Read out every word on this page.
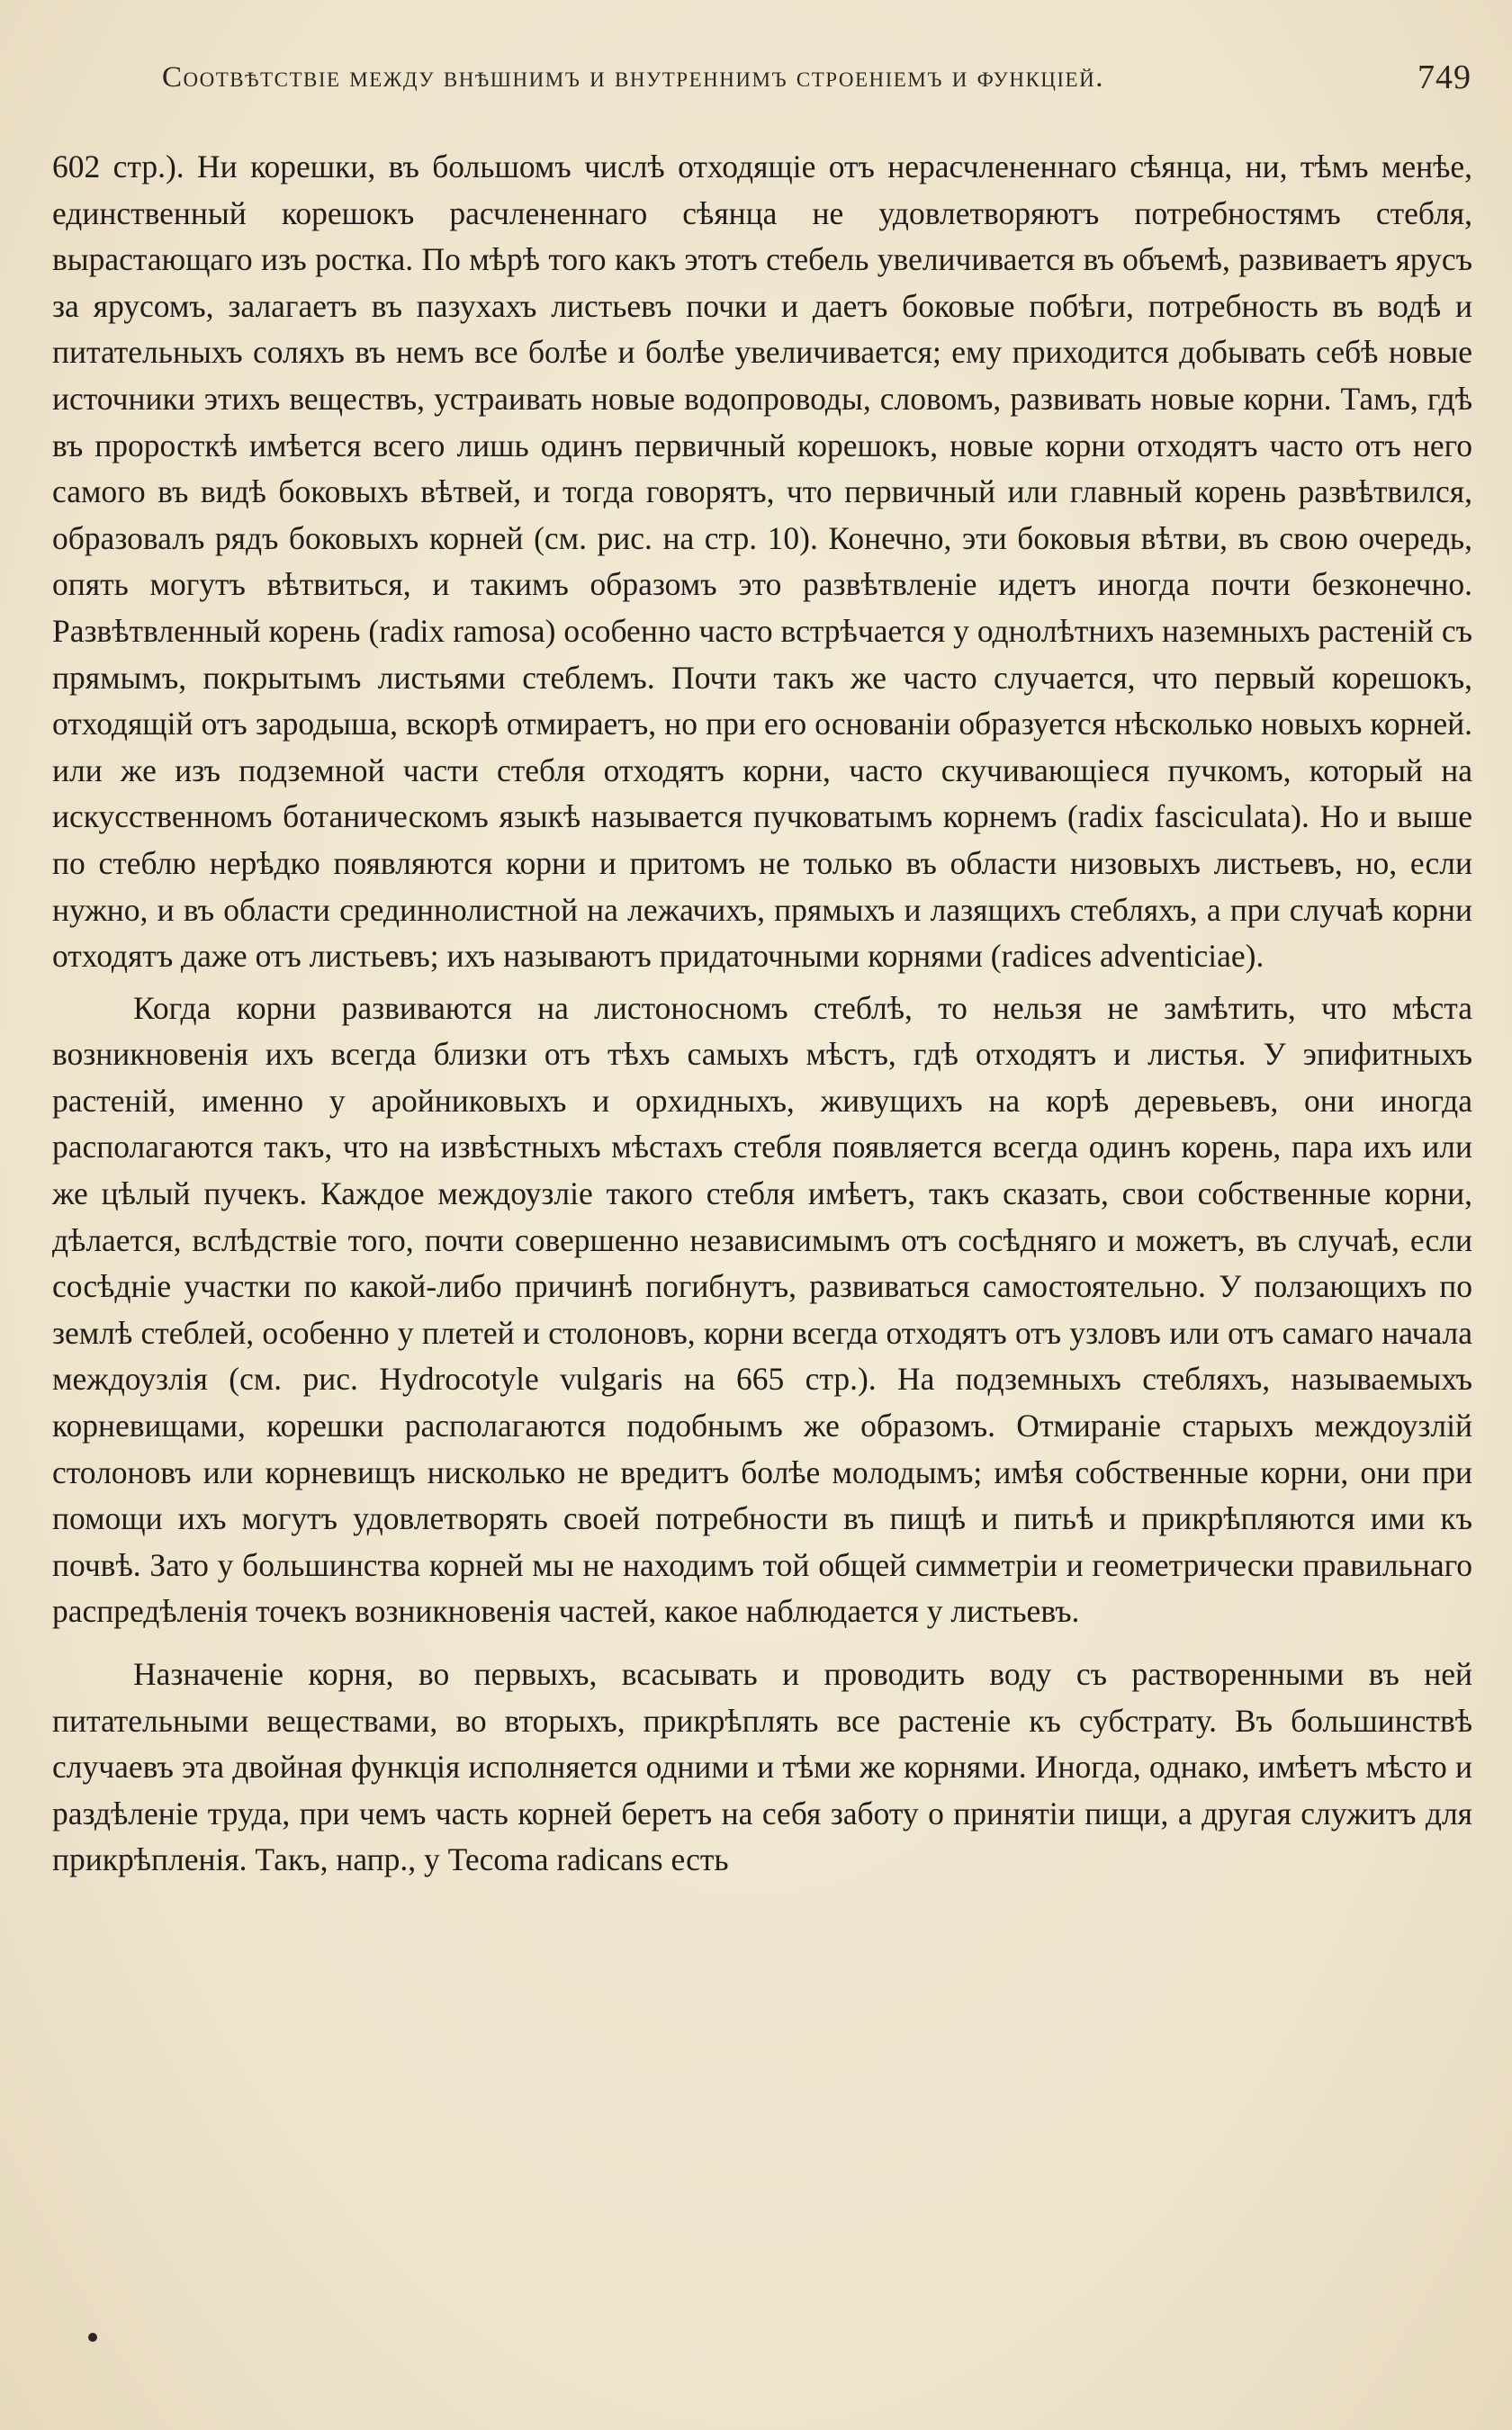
Соотвѣтствіе между внѣшнимъ и внутреннимъ строеніемъ и функціей.	749

602 стр.). Ни корешки, въ большомъ числѣ отходящіе отъ нерасчлененнаго сѣянца, ни, тѣмъ менѣе, единственный корешокъ расчлененнаго сѣянца не удовлетворяютъ потребностямъ стебля, вырастающаго изъ ростка. По мѣрѣ того какъ этотъ стебель увеличивается въ объемѣ, развиваетъ ярусъ за ярусомъ, залагаетъ въ пазухахъ листьевъ почки и даетъ боковые побѣги, потребность въ водѣ и питательныхъ соляхъ въ немъ все болѣе и болѣе увеличивается; ему приходится добывать себѣ новые источники этихъ веществъ, устраивать новые водопроводы, словомъ, развивать новые корни. Тамъ, гдѣ въ проросткѣ имѣется всего лишь одинъ первичный корешокъ, новые корни отходятъ часто отъ него самого въ видѣ боковыхъ вѣтвей, и тогда говорятъ, что первичный или главный корень развѣтвился, образовалъ рядъ боковыхъ корней (см. рис. на стр. 10). Конечно, эти боковыя вѣтви, въ свою очередь, опять могутъ вѣтвиться, и такимъ образомъ это развѣтвленіе идетъ иногда почти безконечно. Развѣтвленный корень (radix ramosa) особенно часто встрѣчается у однолѣтнихъ наземныхъ растеній съ прямымъ, покрытымъ листьями стеблемъ. Почти такъ же часто случается, что первый корешокъ, отходящій отъ зародыша, вскорѣ отмираетъ, но при его основаніи образуется нѣсколько новыхъ корней. или же изъ подземной части стебля отходятъ корни, часто скучивающіеся пучкомъ, который на искусственномъ ботаническомъ языкѣ называется пучковатымъ корнемъ (radix fasciculata). Но и выше по стеблю нерѣдко появляются корни и притомъ не только въ области низовыхъ листьевъ, но, если нужно, и въ области срединнолистной на лежачихъ, прямыхъ и лазящихъ стебляхъ, а при случаѣ корни отходятъ даже отъ листьевъ; ихъ называютъ придаточными корнями (radices adventiciae).

Когда корни развиваются на листоносномъ стеблѣ, то нельзя не замѣтить, что мѣста возникновенія ихъ всегда близки отъ тѣхъ самыхъ мѣстъ, гдѣ отходятъ и листья. У эпифитныхъ растеній, именно у аройниковыхъ и орхидныхъ, живущихъ на корѣ деревьевъ, они иногда располагаются такъ, что на извѣстныхъ мѣстахъ стебля появляется всегда одинъ корень, пара ихъ или же цѣлый пучекъ. Каждое междоузліе такого стебля имѣетъ, такъ сказать, свои собственные корни, дѣлается, вслѣдствіе того, почти совершенно независимымъ отъ сосѣдняго и можетъ, въ случаѣ, если сосѣдніе участки по какой-либо причинѣ погибнутъ, развиваться самостоятельно. У ползающихъ по землѣ стеблей, особенно у плетей и столоновъ, корни всегда отходятъ отъ узловъ или отъ самаго начала междоузлія (см. рис. Hydrocotyle vulgaris на 665 стр.). На подземныхъ стебляхъ, называемыхъ корневищами, корешки располагаются подобнымъ же образомъ. Отмираніе старыхъ междоузлій столоновъ или корневищъ нисколько не вредитъ болѣе молодымъ; имѣя собственные корни, они при помощи ихъ могутъ удовлетворять своей потребности въ пищѣ и питьѣ и прикрѣпляются ими къ почвѣ. Зато у большинства корней мы не находимъ той общей симметріи и геометрически правильнаго распредѣленія точекъ возникновенія частей, какое наблюдается у листьевъ.

Назначеніе корня, во первыхъ, всасывать и проводить воду съ растворенными въ ней питательными веществами, во вторыхъ, прикрѣплять все растеніе къ субстрату. Въ большинствѣ случаевъ эта двойная функція исполняется одними и тѣми же корнями. Иногда, однако, имѣетъ мѣсто и раздѣленіе труда, при чемъ часть корней беретъ на себя заботу о принятіи пищи, а другая служитъ для прикрѣпленія. Такъ, напр., у Tecoma radicans есть
